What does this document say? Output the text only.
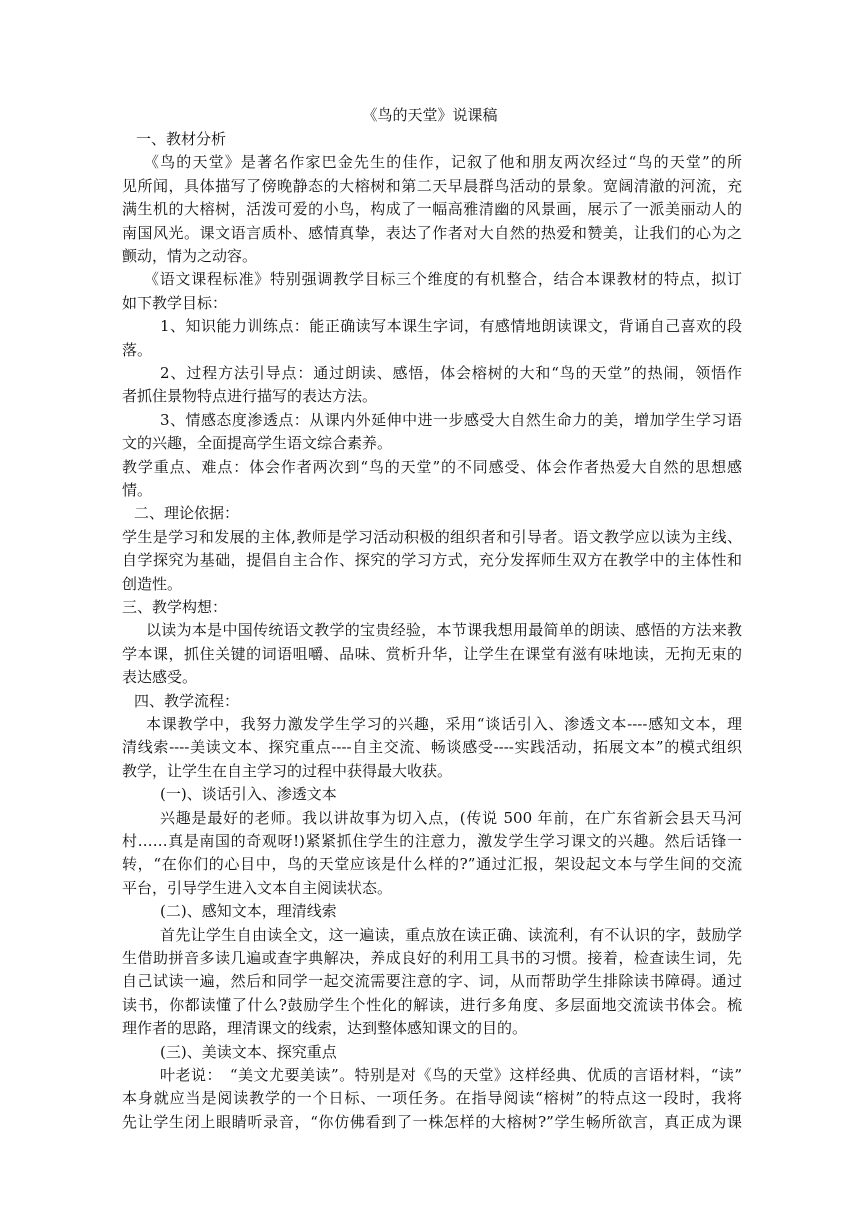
《鸟的天堂》说课稿
一、教材分析
《鸟的天堂》是著名作家巴金先生的佳作，记叙了他和朋友两次经过“鸟的天堂”的所
见所闻，具体描写了傍晚静态的大榕树和第二天早晨群鸟活动的景象。宽阔清澈的河流，充
满生机的大榕树，活泼可爱的小鸟，构成了一幅高雅清幽的风景画，展示了一派美丽动人的
南国风光。课文语言质朴、感情真挚，表达了作者对大自然的热爱和赞美，让我们的心为之
颤动，情为之动容。
《语文课程标准》特别强调教学目标三个维度的有机整合，结合本课教材的特点，拟订
如下教学目标：
1、知识能力训练点：能正确读写本课生字词，有感情地朗读课文，背诵自己喜欢的段
落。
2、过程方法引导点：通过朗读、感悟，体会榕树的大和“鸟的天堂”的热闹，领悟作
者抓住景物特点进行描写的表达方法。
3、情感态度渗透点：从课内外延伸中进一步感受大自然生命力的美，增加学生学习语
文的兴趣，全面提高学生语文综合素养。
教学重点、难点：体会作者两次到“鸟的天堂”的不同感受、体会作者热爱大自然的思想感
情。
二、理论依据：
学生是学习和发展的主体,教师是学习活动积极的组织者和引导者。语文教学应以读为主线、
自学探究为基础，提倡自主合作、探究的学习方式，充分发挥师生双方在教学中的主体性和
创造性。
三、教学构想：
以读为本是中国传统语文教学的宝贵经验，本节课我想用最简单的朗读、感悟的方法来教
学本课，抓住关键的词语咀嚼、品味、赏析升华，让学生在课堂有滋有味地读，无拘无束的
表达感受。
四、教学流程：
本课教学中，我努力激发学生学习的兴趣，采用“谈话引入、渗透文本----感知文本，理
清线索----美读文本、探究重点----自主交流、畅谈感受----实践活动，拓展文本”的模式组织
教学，让学生在自主学习的过程中获得最大收获。
(一)、谈话引入、渗透文本
兴趣是最好的老师。我以讲故事为切入点，(传说 500 年前，在广东省新会县天马河
村……真是南国的奇观呀!)紧紧抓住学生的注意力，激发学生学习课文的兴趣。然后话锋一
转，“在你们的心目中，鸟的天堂应该是什么样的?”通过汇报，架设起文本与学生间的交流
平台，引导学生进入文本自主阅读状态。
(二)、感知文本，理清线索
首先让学生自由读全文，这一遍读，重点放在读正确、读流利，有不认识的字，鼓励学
生借助拼音多读几遍或查字典解决，养成良好的利用工具书的习惯。接着，检查读生词，先
自己试读一遍，然后和同学一起交流需要注意的字、词，从而帮助学生排除读书障碍。通过
读书，你都读懂了什么?鼓励学生个性化的解读，进行多角度、多层面地交流读书体会。梳
理作者的思路，理清课文的线索，达到整体感知课文的目的。
(三)、美读文本、探究重点
叶老说：　“美文尤要美读”。特别是对《鸟的天堂》这样经典、优质的言语材料，“读”
本身就应当是阅读教学的一个日标、一项任务。在指导阅读“榕树”的特点这一段时，我将
先让学生闭上眼睛听录音，“你仿佛看到了一株怎样的大榕树?”学生畅所欲言，真正成为课
